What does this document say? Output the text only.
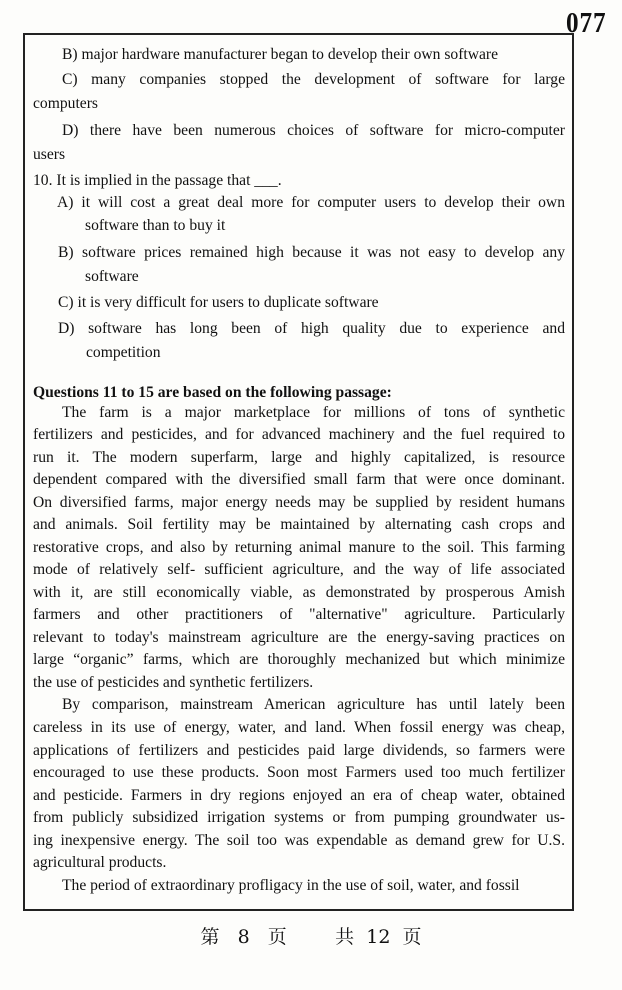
077
B) major hardware manufacturer began to develop their own software
C) many companies stopped the development of software for large
computers
D) there have been numerous choices of software for micro-computer
users
10. It is implied in the passage that ___.
A) it will cost a great deal more for computer users to develop their own
software than to buy it
B) software prices remained high because it was not easy to develop any
software
C) it is very difficult for users to duplicate software
D) software has long been of high quality due to experience and
competition
Questions 11 to 15 are based on the following passage:
The farm is a major marketplace for millions of tons of synthetic
fertilizers and pesticides, and for advanced machinery and the fuel required to
run it. The modern superfarm, large and highly capitalized, is resource
dependent compared with the diversified small farm that were once dominant.
On diversified farms, major energy needs may be supplied by resident humans
and animals. Soil fertility may be maintained by alternating cash crops and
restorative crops, and also by returning animal manure to the soil. This farming
mode of relatively self- sufficient agriculture, and the way of life associated
with it, are still economically viable, as demonstrated by prosperous Amish
farmers and other practitioners of "alternative" agriculture. Particularly
relevant to today's mainstream agriculture are the energy-saving practices on
large “organic” farms, which are thoroughly mechanized but which minimize
the use of pesticides and synthetic fertilizers.
By comparison, mainstream American agriculture has until lately been
careless in its use of energy, water, and land. When fossil energy was cheap,
applications of fertilizers and pesticides paid large dividends, so farmers were
encouraged to use these products. Soon most Farmers used too much fertilizer
and pesticide. Farmers in dry regions enjoyed an era of cheap water, obtained
from publicly subsidized irrigation systems or from pumping groundwater us-
ing inexpensive energy. The soil too was expendable as demand grew for U.S.
agricultural products.
The period of extraordinary profligacy in the use of soil, water, and fossil
第 8 页	共 12 页
